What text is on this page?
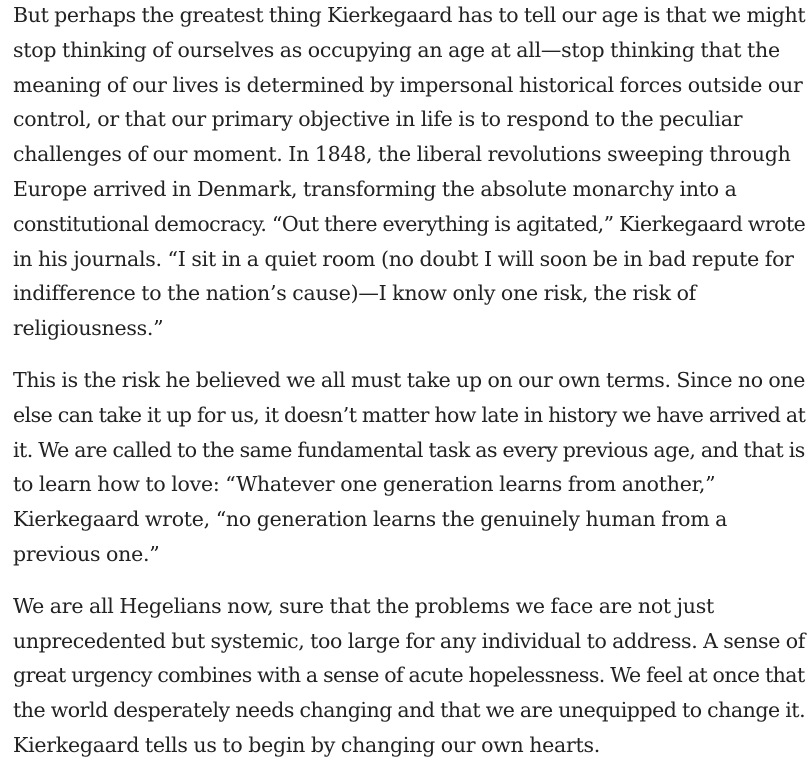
But perhaps the greatest thing Kierkegaard has to tell our age is that we might
stop thinking of ourselves as occupying an age at all—stop thinking that the
meaning of our lives is determined by impersonal historical forces outside our
control, or that our primary objective in life is to respond to the peculiar
challenges of our moment. In 1848, the liberal revolutions sweeping through
Europe arrived in Denmark, transforming the absolute monarchy into a
constitutional democracy. “Out there everything is agitated,” Kierkegaard wrote
in his journals. “I sit in a quiet room (no doubt I will soon be in bad repute for
indifference to the nation’s cause)—I know only one risk, the risk of
religiousness.”

This is the risk he believed we all must take up on our own terms. Since no one
else can take it up for us, it doesn’t matter how late in history we have arrived at
it. We are called to the same fundamental task as every previous age, and that is
to learn how to love: “Whatever one generation learns from another,”
Kierkegaard wrote, “no generation learns the genuinely human from a
previous one.”

We are all Hegelians now, sure that the problems we face are not just
unprecedented but systemic, too large for any individual to address. A sense of
great urgency combines with a sense of acute hopelessness. We feel at once that
the world desperately needs changing and that we are unequipped to change it.
Kierkegaard tells us to begin by changing our own hearts.
